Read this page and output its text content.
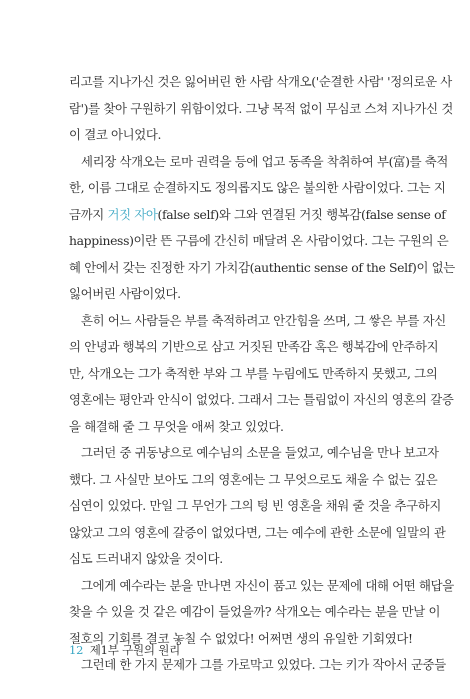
리고를 지나가신 것은 잃어버린 한 사람 삭개오('순결한 사람' '정의로운 사
람')를 찾아 구원하기 위함이었다. 그냥 목적 없이 무심코 스쳐 지나가신 것
이 결코 아니었다.
세리장 삭개오는 로마 권력을 등에 업고 동족을 착취하여 부(富)를 축적
한, 이름 그대로 순결하지도 정의롭지도 않은 불의한 사람이었다. 그는 지
금까지 거짓 자아(false self)와 그와 연결된 거짓 행복감(false sense of
happiness)이란 뜬 구름에 간신히 매달려 온 사람이었다. 그는 구원의 은
혜 안에서 갖는 진정한 자기 가치감(authentic sense of the Self)이 없는
잃어버린 사람이었다.
흔히 어느 사람들은 부를 축적하려고 안간힘을 쓰며, 그 쌓은 부를 자신
의 안녕과 행복의 기반으로 삼고 거짓된 만족감 혹은 행복감에 안주하지
만, 삭개오는 그가 축적한 부와 그 부를 누림에도 만족하지 못했고, 그의
영혼에는 평안과 안식이 없었다. 그래서 그는 틀림없이 자신의 영혼의 갈증
을 해결해 줄 그 무엇을 애써 찾고 있었다.
그러던 중 귀동냥으로 예수님의 소문을 들었고, 예수님을 만나 보고자
했다. 그 사실만 보아도 그의 영혼에는 그 무엇으로도 채울 수 없는 깊은
심연이 있었다. 만일 그 무언가 그의 텅 빈 영혼을 채워 줄 것을 추구하지
않았고 그의 영혼에 갈증이 없었다면, 그는 예수에 관한 소문에 일말의 관
심도 드러내지 않았을 것이다.
그에게 예수라는 분을 만나면 자신이 품고 있는 문제에 대해 어떤 해답을
찾을 수 있을 것 같은 예감이 들었을까? 삭개오는 예수라는 분을 만날 이
절호의 기회를 결코 놓칠 수 없었다! 어쩌면 생의 유일한 기회였다!
그런데 한 가지 문제가 그를 가로막고 있었다. 그는 키가 작아서 군중들
12 제1부 구원의 원리
